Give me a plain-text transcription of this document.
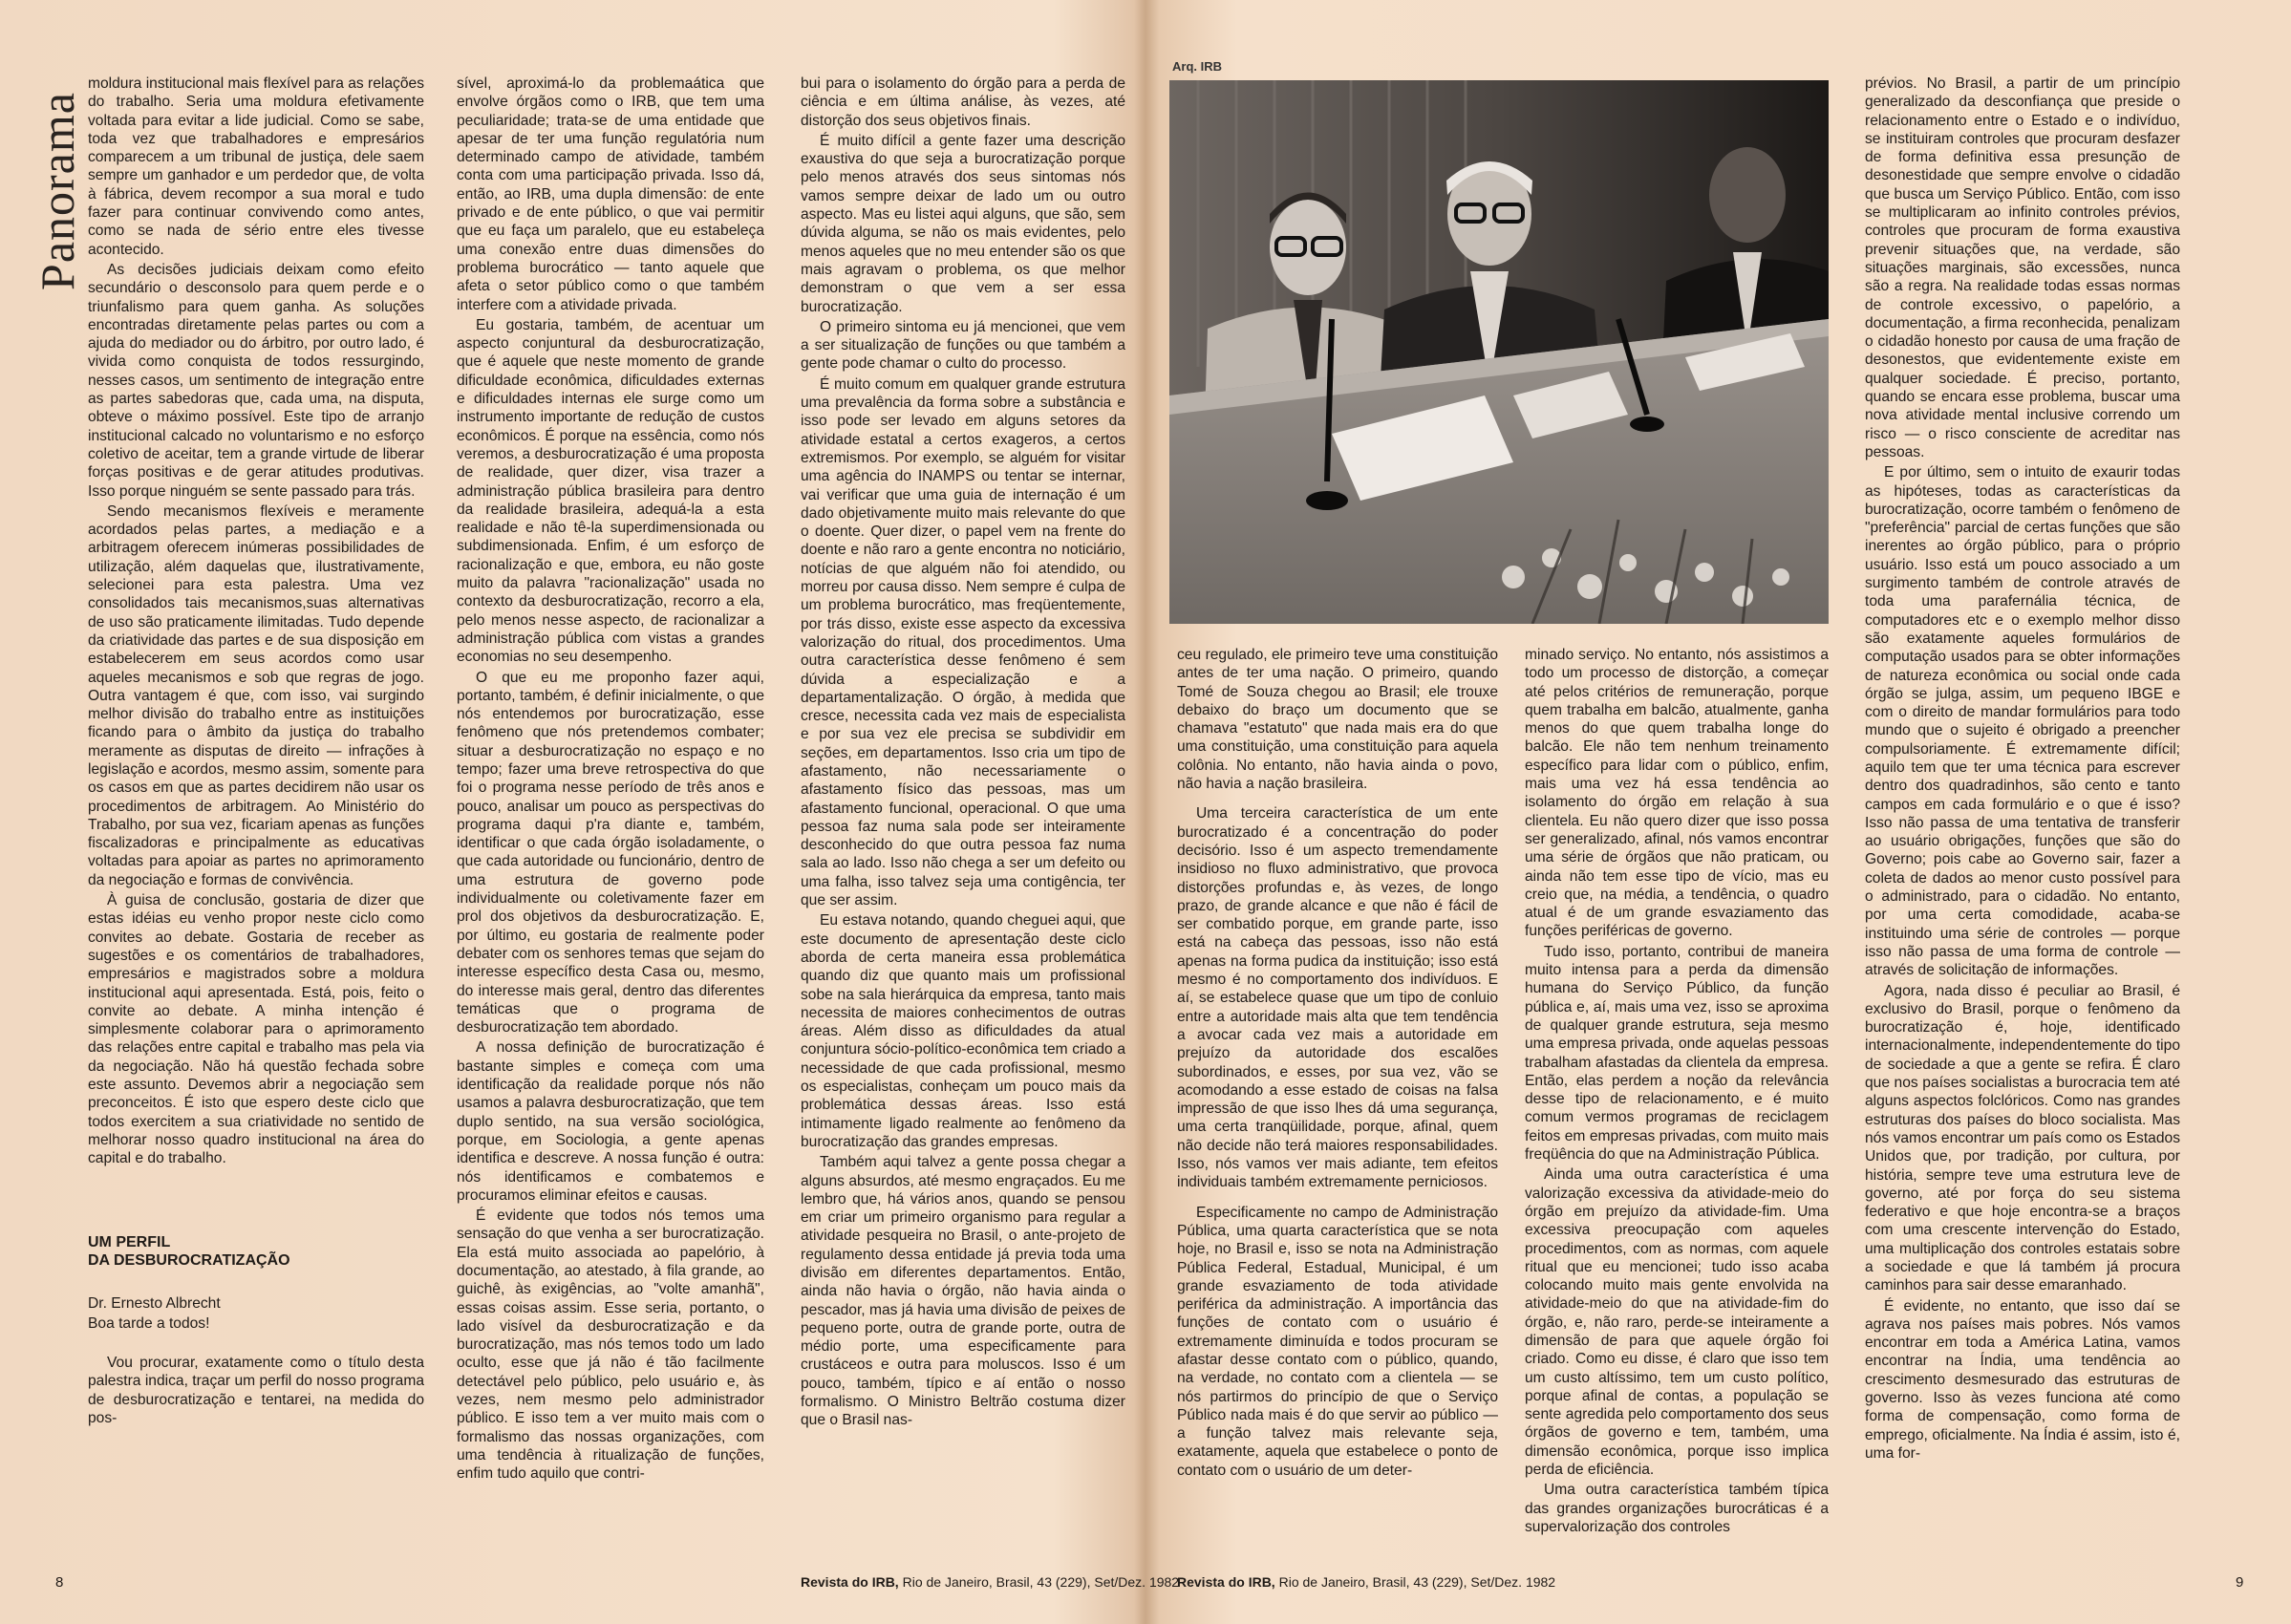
Panorama

moldura institucional mais flexível para as relações do trabalho. Seria uma moldura efetivamente voltada para evitar a lide judicial. Como se sabe, toda vez que trabalhadores e empresários comparecem a um tribunal de justiça, dele saem sempre um ganhador e um perdedor que, de volta à fábrica, devem recompor a sua moral e tudo fazer para continuar convivendo como antes, como se nada de sério entre eles tivesse acontecido.

As decisões judiciais deixam como efeito secundário o desconsolo para quem perde e o triunfalismo para quem ganha. As soluções encontradas diretamente pelas partes ou com a ajuda do mediador ou do árbitro, por outro lado, é vivida como conquista de todos ressurgindo, nesses casos, um sentimento de integração entre as partes sabedoras que, cada uma, na disputa, obteve o máximo possível. Este tipo de arranjo institucional calcado no voluntarismo e no esforço coletivo de aceitar, tem a grande virtude de liberar forças positivas e de gerar atitudes produtivas. Isso porque ninguém se sente passado para trás.

Sendo mecanismos flexíveis e meramente acordados pelas partes, a mediação e a arbitragem oferecem inúmeras possibilidades de utilização, além daquelas que, ilustrativamente, selecionei para esta palestra. Uma vez consolidados tais mecanismos,suas alternativas de uso são praticamente ilimitadas. Tudo depende da criatividade das partes e de sua disposição em estabelecerem em seus acordos como usar aqueles mecanismos e sob que regras de jogo. Outra vantagem é que, com isso, vai surgindo melhor divisão do trabalho entre as instituições ficando para o âmbito da justiça do trabalho meramente as disputas de direito — infrações à legislação e acordos, mesmo assim, somente para os casos em que as partes decidirem não usar os procedimentos de arbitragem. Ao Ministério do Trabalho, por sua vez, ficariam apenas as funções fiscalizadoras e principalmente as educativas voltadas para apoiar as partes no aprimoramento da negociação e formas de convivência.

À guisa de conclusão, gostaria de dizer que estas idéias eu venho propor neste ciclo como convites ao debate. Gostaria de receber as sugestões e os comentários de trabalhadores, empresários e magistrados sobre a moldura institucional aqui apresentada. Está, pois, feito o convite ao debate. A minha intenção é simplesmente colaborar para o aprimoramento das relações entre capital e trabalho mas pela via da negociação. Não há questão fechada sobre este assunto. Devemos abrir a negociação sem preconceitos. É isto que espero deste ciclo que todos exercitem a sua criatividade no sentido de melhorar nosso quadro institucional na área do capital e do trabalho.

UM PERFIL
DA DESBUROCRATIZAÇÃO
Dr. Ernesto Albrecht
Boa tarde a todos!

Vou procurar, exatamente como o título desta palestra indica, traçar um perfil do nosso programa de desburocratização e tentarei, na medida do pos-

sível, aproximá-lo da problemaática que envolve órgãos como o IRB, que tem uma peculiaridade; trata-se de uma entidade que apesar de ter uma função regulatória num determinado campo de atividade, também conta com uma participação privada. Isso dá, então, ao IRB, uma dupla dimensão: de ente privado e de ente público, o que vai permitir que eu faça um paralelo, que eu estabeleça uma conexão entre duas dimensões do problema burocrático — tanto aquele que afeta o setor público como o que também interfere com a atividade privada.

Eu gostaria, também, de acentuar um aspecto conjuntural da desburocratização, que é aquele que neste momento de grande dificuldade econômica, dificuldades externas e dificuldades internas ele surge como um instrumento importante de redução de custos econômicos. É porque na essência, como nós veremos, a desburocratização é uma proposta de realidade, quer dizer, visa trazer a administração pública brasileira para dentro da realidade brasileira, adequá-la a esta realidade e não tê-la superdimensionada ou subdimensionada. Enfim, é um esforço de racionalização e que, embora, eu não goste muito da palavra "racionalização" usada no contexto da desburocratização, recorro a ela, pelo menos nesse aspecto, de racionalizar a administração pública com vistas a grandes economias no seu desempenho.

O que eu me proponho fazer aqui, portanto, também, é definir inicialmente, o que nós entendemos por burocratização, esse fenômeno que nós pretendemos combater; situar a desburocratização no espaço e no tempo; fazer uma breve retrospectiva do que foi o programa nesse período de três anos e pouco, analisar um pouco as perspectivas do programa daqui p'ra diante e, também, identificar o que cada órgão isoladamente, o que cada autoridade ou funcionário, dentro de uma estrutura de governo pode individualmente ou coletivamente fazer em prol dos objetivos da desburocratização. E, por último, eu gostaria de realmente poder debater com os senhores temas que sejam do interesse específico desta Casa ou, mesmo, do interesse mais geral, dentro das diferentes temáticas que o programa de desburocratização tem abordado.

A nossa definição de burocratização é bastante simples e começa com uma identificação da realidade porque nós não usamos a palavra desburocratização, que tem duplo sentido, na sua versão sociológica, porque, em Sociologia, a gente apenas identifica e descreve. A nossa função é outra: nós identificamos e combatemos e procuramos eliminar efeitos e causas.

É evidente que todos nós temos uma sensação do que venha a ser burocratização. Ela está muito associada ao papelório, à documentação, ao atestado, à fila grande, ao guichê, às exigências, ao "volte amanhã", essas coisas assim. Esse seria, portanto, o lado visível da desburocratização e da burocratização, mas nós temos todo um lado oculto, esse que já não é tão facilmente detectável pelo público, pelo usuário e, às vezes, nem mesmo pelo administrador público. E isso tem a ver muito mais com o formalismo das nossas organizações, com uma tendência à ritualização de funções, enfim tudo aquilo que contri-

bui para o isolamento do órgão para a perda de ciência e em última análise, às vezes, até distorção dos seus objetivos finais.

É muito difícil a gente fazer uma descrição exaustiva do que seja a burocratização porque pelo menos através dos seus sintomas nós vamos sempre deixar de lado um ou outro aspecto. Mas eu listei aqui alguns, que são, sem dúvida alguma, se não os mais evidentes, pelo menos aqueles que no meu entender são os que mais agravam o problema, os que melhor demonstram o que vem a ser essa burocratização.

O primeiro sintoma eu já mencionei, que vem a ser situalização de funções ou que também a gente pode chamar o culto do processo.

É muito comum em qualquer grande estrutura uma prevalência da forma sobre a substância e isso pode ser levado em alguns setores da atividade estatal a certos exageros, a certos extremismos. Por exemplo, se alguém for visitar uma agência do INAMPS ou tentar se internar, vai verificar que uma guia de internação é um dado objetivamente muito mais relevante do que o doente. Quer dizer, o papel vem na frente do doente e não raro a gente encontra no noticiário, notícias de que alguém não foi atendido, ou morreu por causa disso. Nem sempre é culpa de um problema burocrático, mas freqüentemente, por trás disso, existe esse aspecto da excessiva valorização do ritual, dos procedimentos. Uma outra característica desse fenômeno é sem dúvida a especialização e a departamentalização. O órgão, à medida que cresce, necessita cada vez mais de especialista e por sua vez ele precisa se subdividir em seções, em departamentos. Isso cria um tipo de afastamento, não necessariamente o afastamento físico das pessoas, mas um afastamento funcional, operacional. O que uma pessoa faz numa sala pode ser inteiramente desconhecido do que outra pessoa faz numa sala ao lado. Isso não chega a ser um defeito ou uma falha, isso talvez seja uma contigência, ter que ser assim.

Eu estava notando, quando cheguei aqui, que este documento de apresentação deste ciclo aborda de certa maneira essa problemática quando diz que quanto mais um profissional sobe na sala hierárquica da empresa, tanto mais necessita de maiores conhecimentos de outras áreas. Além disso as dificuldades da atual conjuntura sócio-político-econômica tem criado a necessidade de que cada profissional, mesmo os especialistas, conheçam um pouco mais da problemática dessas áreas. Isso está intimamente ligado realmente ao fenômeno da burocratização das grandes empresas.

Também aqui talvez a gente possa chegar a alguns absurdos, até mesmo engraçados. Eu me lembro que, há vários anos, quando se pensou em criar um primeiro organismo para regular a atividade pesqueira no Brasil, o ante-projeto de regulamento dessa entidade já previa toda uma divisão em diferentes departamentos. Então, ainda não havia o órgão, não havia ainda o pescador, mas já havia uma divisão de peixes de pequeno porte, outra de grande porte, outra de médio porte, uma especificamente para crustáceos e outra para moluscos. Isso é um pouco, também, típico e aí então o nosso formalismo. O Ministro Beltrão costuma dizer que o Brasil nas-

8	Revista do IRB, Rio de Janeiro, Brasil, 43 (229), Set/Dez. 1982
Arq. IRB

ceu regulado, ele primeiro teve uma constituição antes de ter uma nação. O primeiro, quando Tomé de Souza chegou ao Brasil; ele trouxe debaixo do braço um documento que se chamava "estatuto" que nada mais era do que uma constituição, uma constituição para aquela colônia. No entanto, não havia ainda o povo, não havia a nação brasileira.

Uma terceira característica de um ente burocratizado é a concentração do poder decisório. Isso é um aspecto tremendamente insidioso no fluxo administrativo, que provoca distorções profundas e, às vezes, de longo prazo, de grande alcance e que não é fácil de ser combatido porque, em grande parte, isso está na cabeça das pessoas, isso não está apenas na forma pudica da instituição; isso está mesmo é no comportamento dos indivíduos. E aí, se estabelece quase que um tipo de conluio entre a autoridade mais alta que tem tendência a avocar cada vez mais a autoridade em prejuízo da autoridade dos escalões subordinados, e esses, por sua vez, vão se acomodando a esse estado de coisas na falsa impressão de que isso lhes dá uma segurança, uma certa tranqüilidade, porque, afinal, quem não decide não terá maiores responsabilidades. Isso, nós vamos ver mais adiante, tem efeitos individuais também extremamente perniciosos.

Especificamente no campo de Administração Pública, uma quarta característica que se nota hoje, no Brasil e, isso se nota na Administração Pública Federal, Estadual, Municipal, é um grande esvaziamento de toda atividade periférica da administração. A importância das funções de contato com o usuário é extremamente diminuída e todos procuram se afastar desse contato com o público, quando, na verdade, no contato com a clientela — se nós partirmos do princípio de que o Serviço Público nada mais é do que servir ao público — a função talvez mais relevante seja, exatamente, aquela que estabelece o ponto de contato com o usuário de um deter-

minado serviço. No entanto, nós assistimos a todo um processo de distorção, a começar até pelos critérios de remuneração, porque quem trabalha em balcão, atualmente, ganha menos do que quem trabalha longe do balcão. Ele não tem nenhum treinamento específico para lidar com o público, enfim, mais uma vez há essa tendência ao isolamento do órgão em relação à sua clientela. Eu não quero dizer que isso possa ser generalizado, afinal, nós vamos encontrar uma série de órgãos que não praticam, ou ainda não tem esse tipo de vício, mas eu creio que, na média, a tendência, o quadro atual é de um grande esvaziamento das funções periféricas de governo.

Tudo isso, portanto, contribui de maneira muito intensa para a perda da dimensão humana do Serviço Público, da função pública e, aí, mais uma vez, isso se aproxima de qualquer grande estrutura, seja mesmo uma empresa privada, onde aquelas pessoas trabalham afastadas da clientela da empresa. Então, elas perdem a noção da relevância desse tipo de relacionamento, e é muito comum vermos programas de reciclagem feitos em empresas privadas, com muito mais freqüência do que na Administração Pública.

Ainda uma outra característica é uma valorização excessiva da atividade-meio do órgão em prejuízo da atividade-fim. Uma excessiva preocupação com aqueles procedimentos, com as normas, com aquele ritual que eu mencionei; tudo isso acaba colocando muito mais gente envolvida na atividade-meio do que na atividade-fim do órgão, e, não raro, perde-se inteiramente a dimensão de para que aquele órgão foi criado. Como eu disse, é claro que isso tem um custo altíssimo, tem um custo político, porque afinal de contas, a população se sente agredida pelo comportamento dos seus órgãos de governo e tem, também, uma dimensão econômica, porque isso implica perda de eficiência.

Uma outra característica também típica das grandes organizações burocráticas é a supervalorização dos controles

prévios. No Brasil, a partir de um princípio generalizado da desconfiança que preside o relacionamento entre o Estado e o indivíduo, se instituiram controles que procuram desfazer de forma definitiva essa presunção de desonestidade que sempre envolve o cidadão que busca um Serviço Público. Então, com isso se multiplicaram ao infinito controles prévios, controles que procuram de forma exaustiva prevenir situações que, na verdade, são situações marginais, são excessões, nunca são a regra. Na realidade todas essas normas de controle excessivo, o papelório, a documentação, a firma reconhecida, penalizam o cidadão honesto por causa de uma fração de desonestos, que evidentemente existe em qualquer sociedade. É preciso, portanto, quando se encara esse problema, buscar uma nova atividade mental inclusive correndo um risco — o risco consciente de acreditar nas pessoas.

E por último, sem o intuito de exaurir todas as hipóteses, todas as características da burocratização, ocorre também o fenômeno de "preferência" parcial de certas funções que são inerentes ao órgão público, para o próprio usuário. Isso está um pouco associado a um surgimento também de controle através de toda uma parafernália técnica, de computadores etc e o exemplo melhor disso são exatamente aqueles formulários de computação usados para se obter informações de natureza econômica ou social onde cada órgão se julga, assim, um pequeno IBGE e com o direito de mandar formulários para todo mundo que o sujeito é obrigado a preencher compulsoriamente. É extremamente difícil; aquilo tem que ter uma técnica para escrever dentro dos quadradinhos, são cento e tanto campos em cada formulário e o que é isso? Isso não passa de uma tentativa de transferir ao usuário obrigações, funções que são do Governo; pois cabe ao Governo sair, fazer a coleta de dados ao menor custo possível para o administrado, para o cidadão. No entanto, por uma certa comodidade, acaba-se instituindo uma série de controles — porque isso não passa de uma forma de controle — através de solicitação de informações.

Agora, nada disso é peculiar ao Brasil, é exclusivo do Brasil, porque o fenômeno da burocratização é, hoje, identificado internacionalmente, independentemente do tipo de sociedade a que a gente se refira. É claro que nos países socialistas a burocracia tem até alguns aspectos folclóricos. Como nas grandes estruturas dos países do bloco socialista. Mas nós vamos encontrar um país como os Estados Unidos que, por tradição, por cultura, por história, sempre teve uma estrutura leve de governo, até por força do seu sistema federativo e que hoje encontra-se a braços com uma crescente intervenção do Estado, uma multiplicação dos controles estatais sobre a sociedade e que lá também já procura caminhos para sair desse emaranhado.

É evidente, no entanto, que isso daí se agrava nos países mais pobres. Nós vamos encontrar em toda a América Latina, vamos encontrar na Índia, uma tendência ao crescimento desmesurado das estruturas de governo. Isso às vezes funciona até como forma de compensação, como forma de emprego, oficialmente. Na Índia é assim, isto é, uma for-

Revista do IRB, Rio de Janeiro, Brasil, 43 (229), Set/Dez. 1982	9
